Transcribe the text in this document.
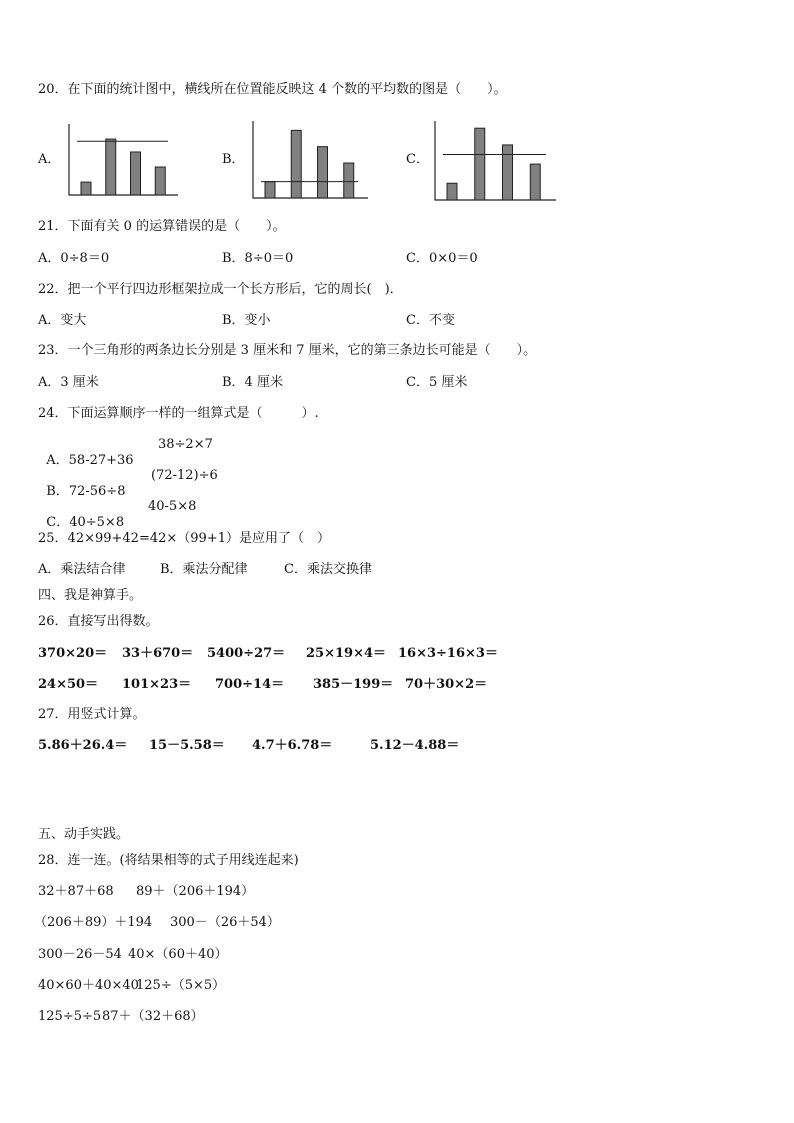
20．在下面的统计图中，横线所在位置能反映这 4 个数的平均数的图是（　　）。
A．	B．	C．
21．下面有关 0 的运算错误的是（　　）。
A．0÷8＝0	B．8÷0＝0	C．0×0＝0
22．把一个平行四边形框架拉成一个长方形后，它的周长(　)．
A．变大	B．变小	C．不变
23．一个三角形的两条边长分别是 3 厘米和 7 厘米，它的第三条边长可能是（　　）。
A．3 厘米	B．4 厘米	C．5 厘米
24．下面运算顺序一样的一组算式是（　　　）.

A．58-27+36

38÷2×7

B．72-56÷8

(72-12)÷6

C．40÷5×8

40-5×8
25．42×99+42=42×（99+1）是应用了（　）
A．乘法结合律	B．乘法分配律	C．乘法交换律
四、我是神算手。
26．直接写出得数。
370×20＝ 33＋670＝ 5400÷27＝ 25×19×4＝ 16×3÷16×3＝
24×50＝ 101×23＝ 700÷14＝ 385－199＝ 70＋30×2＝
27．用竖式计算。
5.86＋26.4＝ 15－5.58＝ 4.7＋6.78＝	5.12－4.88＝
五、动手实践。
28．连一连。(将结果相等的式子用线连起来)
32＋87＋68 89＋（206＋194）
（206＋89）＋194 300－（26＋54）
300－26－54 40×（60＋40）
40×60＋40×40
125÷（5×5）
125÷5÷5 87＋（32＋68）
